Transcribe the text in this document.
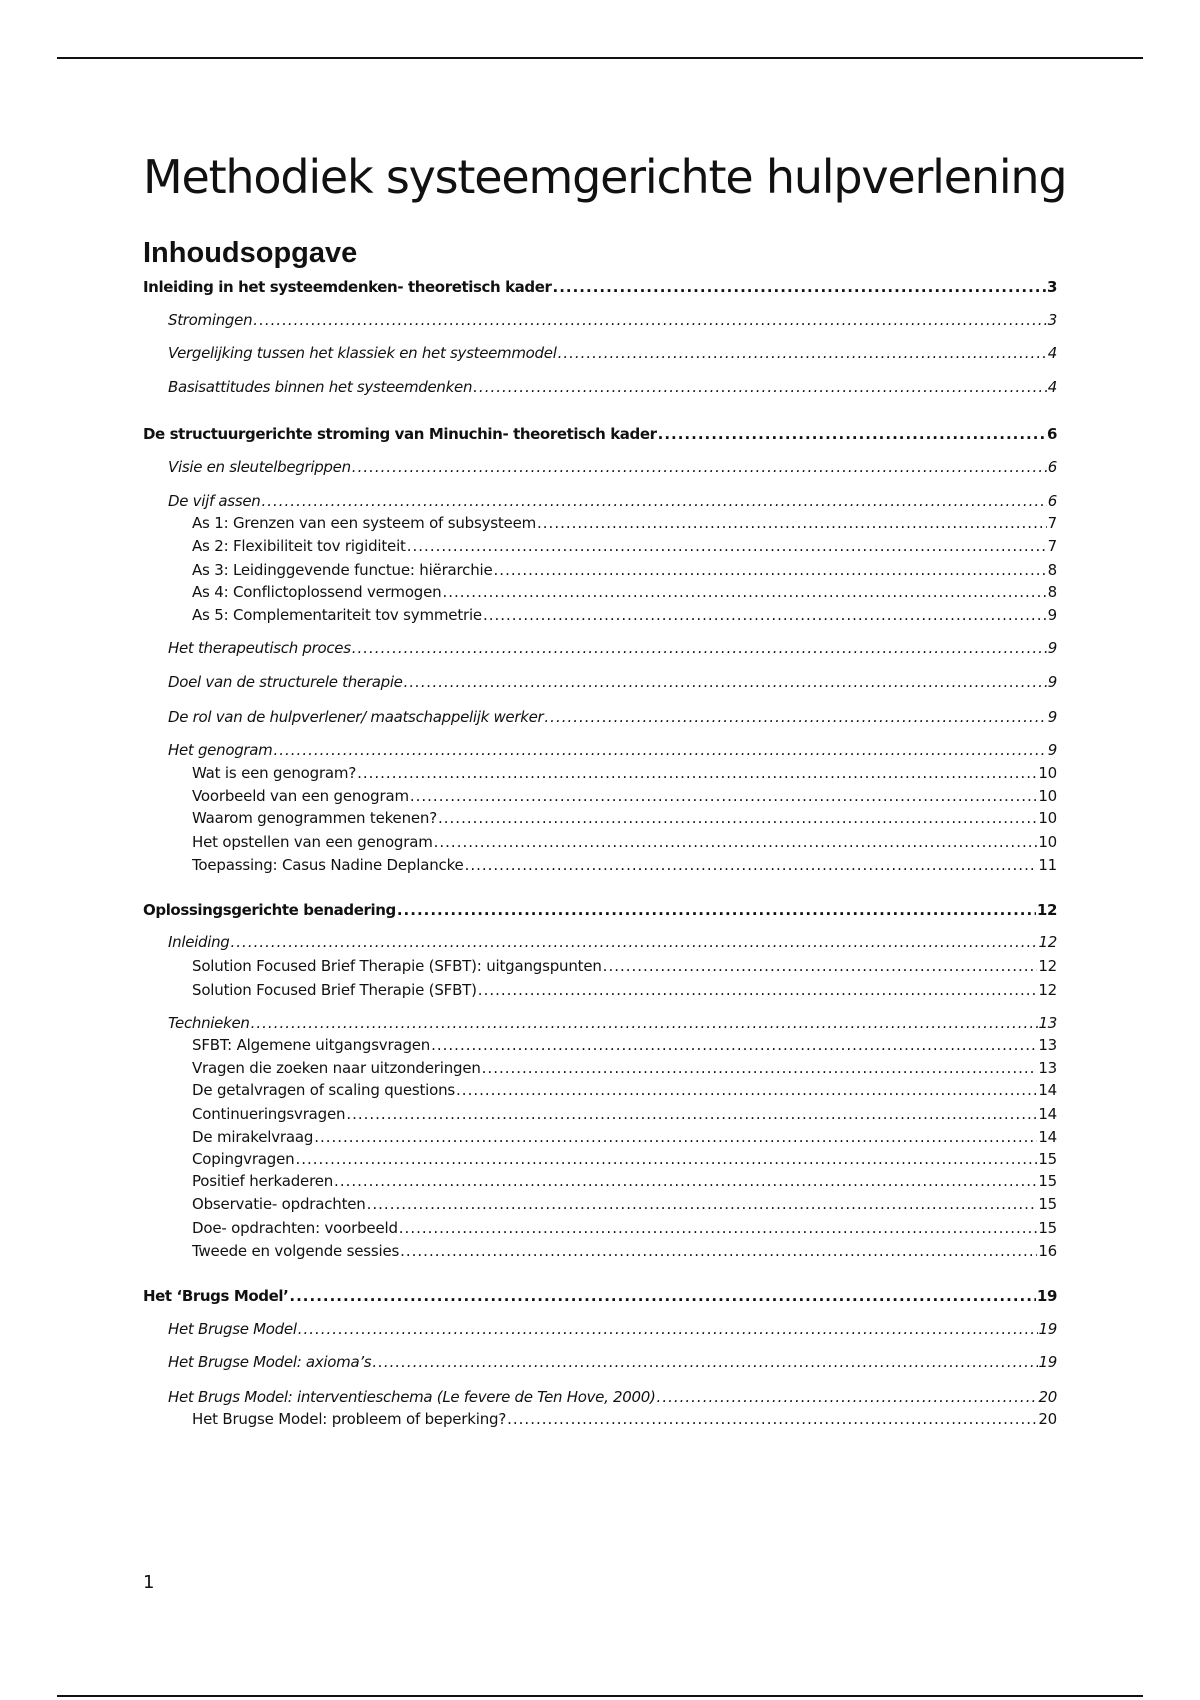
Methodiek systeemgerichte hulpverlening
Inhoudsopgave
Inleiding in het systeemdenken- theoretisch kader .....	3
Stromingen .....	3
Vergelijking tussen het klassiek en het systeemmodel .....	4
Basisattitudes binnen het systeemdenken .....	4
De structuurgerichte stroming van Minuchin- theoretisch kader .....	6
Visie en sleutelbegrippen .....	6
De vijf assen .....	6
As 1: Grenzen van een systeem of subsysteem .....	7
As 2: Flexibiliteit tov rigiditeit .....	7
As 3: Leidinggevende functue: hiërarchie .....	8
As 4: Conflictoplossend vermogen .....	8
As 5: Complementariteit tov symmetrie .....	9
Het therapeutisch proces .....	9
Doel van de structurele therapie .....	9
De rol van de hulpverlener/ maatschappelijk werker .....	9
Het genogram .....	9
Wat is een genogram? .....	10
Voorbeeld van een genogram .....	10
Waarom genogrammen tekenen? .....	10
Het opstellen van een genogram .....	10
Toepassing: Casus Nadine Deplancke .....	11
Oplossingsgerichte benadering .....	12
Inleiding .....	12
Solution Focused Brief Therapie (SFBT): uitgangspunten .....	12
Solution Focused Brief Therapie (SFBT) .....	12
Technieken .....	13
SFBT: Algemene uitgangsvragen .....	13
Vragen die zoeken naar uitzonderingen .....	13
De getalvragen of scaling questions .....	14
Continueringsvragen .....	14
De mirakelvraag .....	14
Copingvragen .....	15
Positief herkaderen .....	15
Observatie- opdrachten .....	15
Doe- opdrachten: voorbeeld .....	15
Tweede en volgende sessies .....	16
Het ‘Brugs Model’ .....	19
Het Brugse Model .....	19
Het Brugse Model: axioma’s .....	19
Het Brugs Model: interventieschema (Le fevere de Ten Hove, 2000) .....	20
Het Brugse Model: probleem of beperking? .....	20
1
